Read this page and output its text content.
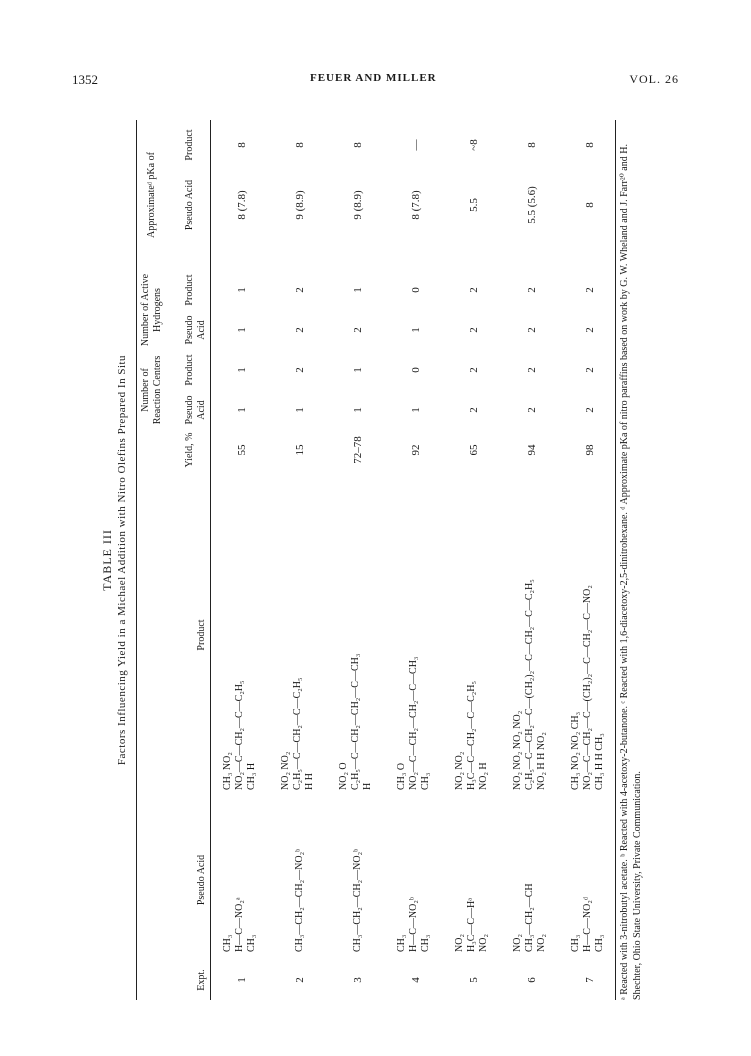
1352	FEUER AND MILLER	VOL. 26
TABLE III Factors Influencing Yield in a Michael Addition with Nitro Olefins Prepared In Situ
Expt.
Pseudo Acid
Product
Yield, %
Number of Reaction Centers
Number of Active Hydrogens
Approximateᵈ pKa of
Pseudo Acid
Product
Pseudo Acid
Product
Pseudo Acid
Product
1
CH₃ H—C—NO₂ᵃ CH₃
CH₃ NO₂ NO₂—C—CH₂—C—C₂H₅ CH₃ H
55
1
1
1
1
8 (7.8)
8
2
CH₃—CH₂—CH₂—NO₂ᵇ
NO₂ NO₂ C₂H₅—C—CH₂—C—C₂H₅ H H
15
1
2
2
2
9 (8.9)
8
3
CH₃—CH₂—CH₂—NO₂ᵇ
NO₂ O C₂H₅—C—CH₂—CH₂—C—CH₃ H
72–78
1
1
2
1
9 (8.9)
8
4
CH₃ H—C—NO₂ᵇ CH₃
CH₃ O NO₂—C—CH₂—CH₂—C—CH₃ CH₃
92
1
0
1
0
8 (7.8)
—
5
NO₂ H₃C—C—Hᵃ NO₂
NO₂ NO₂ H₃C—C—CH₂—C—C₂H₅ NO₂ H
65
2
2
2
2
5.5
~8
6
NO₂ CH₃—CH₂—CH NO₂
NO₂ NO₂ NO₂ NO₂ C₂H₅—C—CH₂—C—(CH₂)₂—C—CH₂—C—C₂H₅ NO₂ H H NO₂
94
2
2
2
2
5.5 (5.6)
8
7
CH₃ H—C—NO₂ᵈ CH₃
CH₃ NO₂ NO₂ CH₃ NO₂—C—CH₂—C—(CH₂)₂—C—CH₂—C—NO₂ CH₃ H H CH₃
98
2
2
2
2
8
8 ᵃ Reacted with 3-nitrobutyl acetate. ᵇ Reacted with 4-acetoxy-2-butanone. ᶜ Reacted with 1,6-diacetoxy-2,5-dinitrohexane. ᵈ Approximate pKa of nitro paraffins based on work by G. W. Wheland and J. Farr²⁰ and H. Shechter, Ohio State University, Private Communication.
